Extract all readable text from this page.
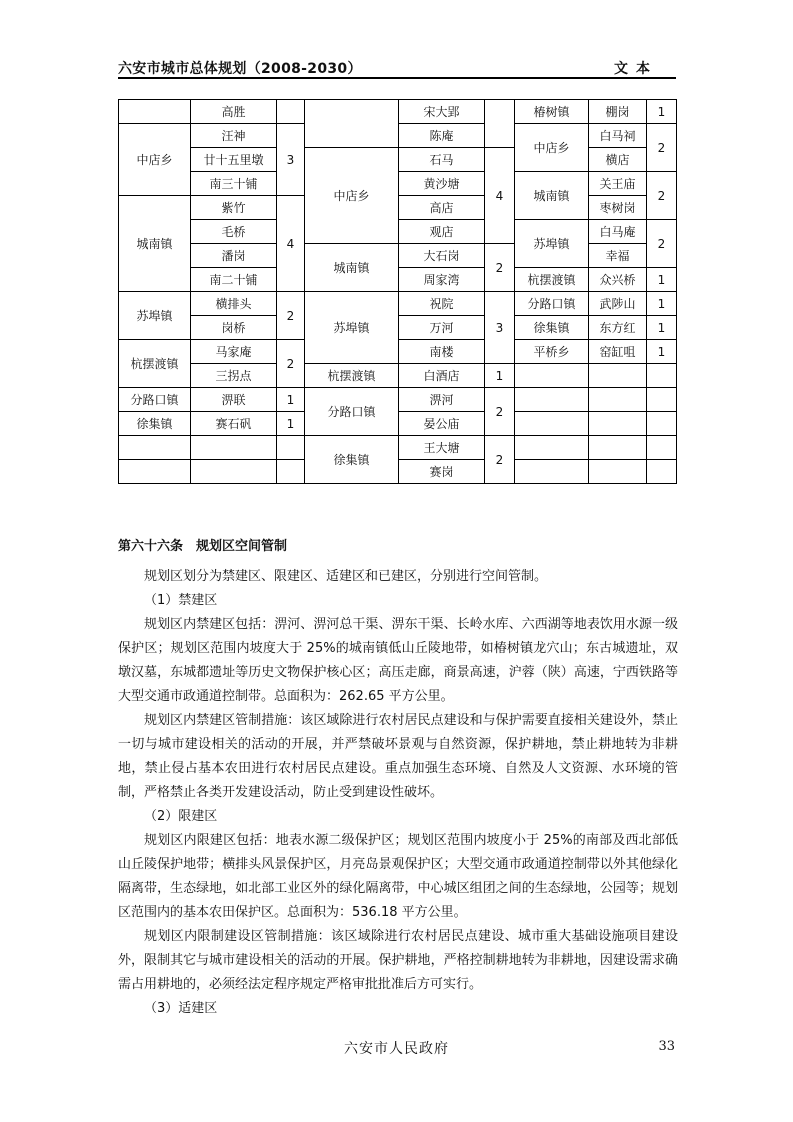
六安市城市总体规划（2008-2030）	文本
	高胜			宋大郢		椿树镇	棚岗	1
中店乡	汪神	3		陈庵		中店乡	白马祠	2
	廿十五里墩		中店乡	石马	4		横店	
	南三十铺			黄沙塘		城南镇	关王庙	2
城南镇	紫竹	4		高店			枣树岗	
	毛桥			观店		苏埠镇	白马庵	2
	潘岗		城南镇	大石岗	2		幸福	
	南二十铺			周家湾		杭摆渡镇	众兴桥	1
苏埠镇	横排头	2	苏埠镇	祝院	3	分路口镇	武陟山	1
	岗桥			万河		徐集镇	东方红	1
杭摆渡镇	马家庵	2		南楼		平桥乡	窑缸咀	1
	三拐点		杭摆渡镇	白酒店	1			
分路口镇	淠联	1	分路口镇	淠河	2			
徐集镇	赛石矾	1		晏公庙				
			徐集镇	王大塘	2			
				赛岗				
第六十六条　规划区空间管制

规划区划分为禁建区、限建区、适建区和已建区，分别进行空间管制。

（1）禁建区

规划区内禁建区包括：淠河、淠河总干渠、淠东干渠、长岭水库、六西湖等地表饮用水源一级保护区；规划区范围内坡度大于 25%的城南镇低山丘陵地带，如椿树镇龙穴山；东古城遗址，双墩汉墓，东城都遗址等历史文物保护核心区；高压走廊，商景高速，沪蓉（陕）高速，宁西铁路等大型交通市政通道控制带。总面积为：262.65 平方公里。

规划区内禁建区管制措施：该区域除进行农村居民点建设和与保护需要直接相关建设外，禁止一切与城市建设相关的活动的开展，并严禁破坏景观与自然资源，保护耕地，禁止耕地转为非耕地，禁止侵占基本农田进行农村居民点建设。重点加强生态环境、自然及人文资源、水环境的管制，严格禁止各类开发建设活动，防止受到建设性破坏。

（2）限建区

规划区内限建区包括：地表水源二级保护区；规划区范围内坡度小于 25%的南部及西北部低山丘陵保护地带；横排头风景保护区，月亮岛景观保护区；大型交通市政通道控制带以外其他绿化隔离带，生态绿地，如北部工业区外的绿化隔离带，中心城区组团之间的生态绿地，公园等；规划区范围内的基本农田保护区。总面积为：536.18 平方公里。

规划区内限制建设区管制措施：该区域除进行农村居民点建设、城市重大基础设施项目建设外，限制其它与城市建设相关的活动的开展。保护耕地，严格控制耕地转为非耕地，因建设需求确需占用耕地的，必须经法定程序规定严格审批批准后方可实行。

（3）适建区

六安市人民政府	33
